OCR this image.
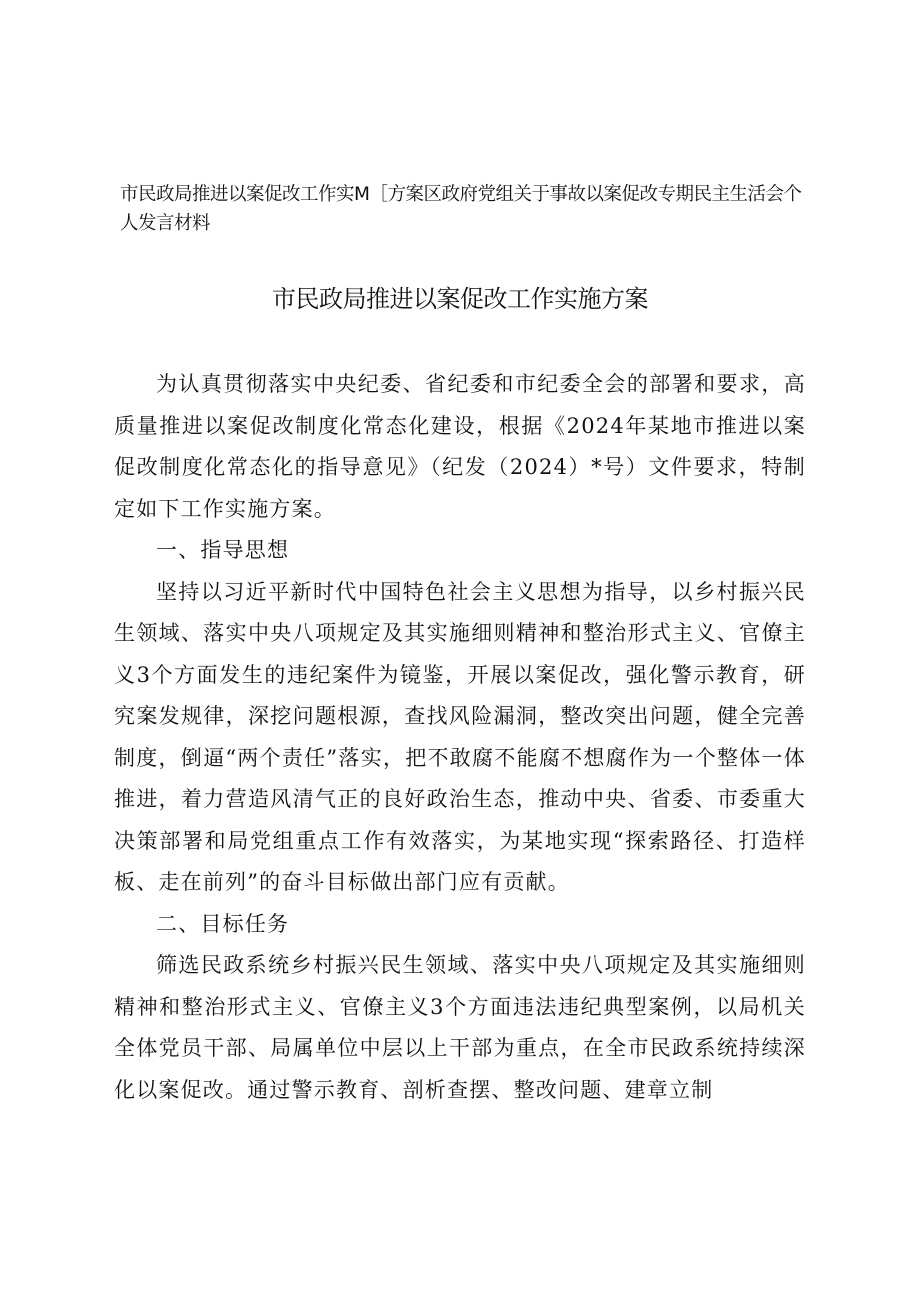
市民政局推进以案促改工作实M［方案区政府党组关于事故以案促改专期民主生活会个人发言材料
市民政局推进以案促改工作实施方案

为认真贯彻落实中央纪委、省纪委和市纪委全会的部署和要求，高质量推进以案促改制度化常态化建设，根据《2024年某地市推进以案促改制度化常态化的指导意见》（纪发（2024）*号）文件要求，特制定如下工作实施方案。

一、指导思想

坚持以习近平新时代中国特色社会主义思想为指导，以乡村振兴民生领域、落实中央八项规定及其实施细则精神和整治形式主义、官僚主义3个方面发生的违纪案件为镜鉴，开展以案促改，强化警示教育，研究案发规律，深挖问题根源，查找风险漏洞，整改突出问题，健全完善制度，倒逼“两个责任”落实，把不敢腐不能腐不想腐作为一个整体一体推进，着力营造风清气正的良好政治生态，推动中央、省委、市委重大决策部署和局党组重点工作有效落实，为某地实现“探索路径、打造样板、走在前列”的奋斗目标做出部门应有贡献。

二、目标任务

筛选民政系统乡村振兴民生领域、落实中央八项规定及其实施细则精神和整治形式主义、官僚主义3个方面违法违纪典型案例，以局机关全体党员干部、局属单位中层以上干部为重点，在全市民政系统持续深化以案促改。通过警示教育、剖析查摆、整改问题、建章立制
